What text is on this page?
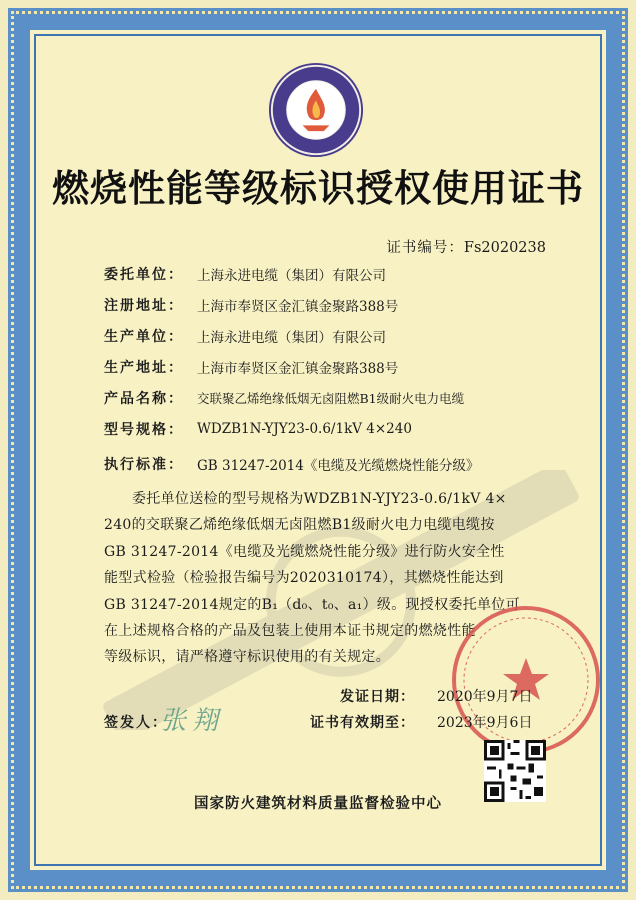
燃烧性能等级标识授权使用证书
证书编号：Fs2020238
委托单位： 上海永进电缆（集团）有限公司
注册地址： 上海市奉贤区金汇镇金聚路388号
生产单位： 上海永进电缆（集团）有限公司
生产地址： 上海市奉贤区金汇镇金聚路388号
产品名称：	交联聚乙烯绝缘低烟无卤阻燃B1级耐火电力电缆
型号规格： WDZB1N-YJY23-0.6/1kV 4×240
执行标准： GB 31247-2014《电缆及光缆燃烧性能分级》
委托单位送检的型号规格为WDZB1N-YJY23-0.6/1kV 4×
240的交联聚乙烯绝缘低烟无卤阻燃B1级耐火电力电缆电缆按
GB 31247-2014《电缆及光缆燃烧性能分级》进行防火安全性
能型式检验（检验报告编号为2020310174），其燃烧性能达到
GB 31247-2014规定的B₁（d₀、t₀、a₁）级。现授权委托单位可
在上述规格合格的产品及包装上使用本证书规定的燃烧性能
等级标识，请严格遵守标识使用的有关规定。
发证日期： 2020年9月7日
签发人：
张翔	证书有效期至： 2023年9月6日
国家防火建筑材料质量监督检验中心
